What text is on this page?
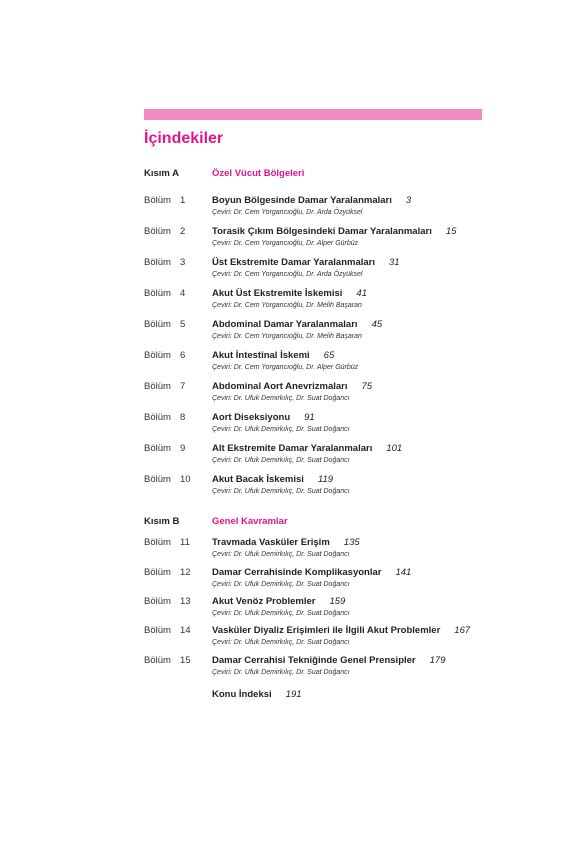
İçindekiler
Kısım A	Özel Vücut Bölgeleri
Bölüm 1	Boyun Bölgesinde Damar Yaralanmaları 3
Çeviri: Dr. Cem Yorgancıoğlu, Dr. Arda Özyüksel
Bölüm 2	Torasik Çıkım Bölgesindeki Damar Yaralanmaları 15
Çeviri: Dr. Cem Yorgancıoğlu, Dr. Alper Gürbüz
Bölüm 3	Üst Ekstremite Damar Yaralanmaları 31
Çeviri: Dr. Cem Yorgancıoğlu, Dr. Arda Özyüksel
Bölüm 4	Akut Üst Ekstremite İskemisi 41
Çeviri: Dr. Cem Yorgancıoğlu, Dr. Melih Başaran
Bölüm 5	Abdominal Damar Yaralanmaları 45
Çeviri: Dr. Cem Yorgancıoğlu, Dr. Melih Başaran
Bölüm 6	Akut İntestinal İskemi 65
Çeviri: Dr. Cem Yorgancıoğlu, Dr. Alper Gürbüz
Bölüm 7	Abdominal Aort Anevrizmaları 75
Çeviri: Dr. Ufuk Demirkılıç, Dr. Suat Doğancı
Bölüm 8	Aort Diseksiyonu 91
Çeviri: Dr. Ufuk Demirkılıç, Dr. Suat Doğancı
Bölüm 9	Alt Ekstremite Damar Yaralanmaları 101
Çeviri: Dr. Ufuk Demirkılıç, Dr. Suat Doğancı
Bölüm 10 Akut Bacak İskemisi 119
Çeviri: Dr. Ufuk Demirkılıç, Dr. Suat Doğancı
Kısım B	Genel Kavramlar
Bölüm 11 Travmada Vasküler Erişim 135
Çeviri: Dr. Ufuk Demirkılıç, Dr. Suat Doğancı
Bölüm 12 Damar Cerrahisinde Komplikasyonlar 141
Çeviri: Dr. Ufuk Demirkılıç, Dr. Suat Doğancı
Bölüm 13 Akut Venöz Problemler 159
Çeviri: Dr. Ufuk Demirkılıç, Dr. Suat Doğancı
Bölüm 14 Vasküler Diyaliz Erişimleri ile İlgili Akut Problemler 167
Çeviri: Dr. Ufuk Demirkılıç, Dr. Suat Doğancı
Bölüm 15 Damar Cerrahisi Tekniğinde Genel Prensipler 179
Çeviri: Dr. Ufuk Demirkılıç, Dr. Suat Doğancı
Konu İndeksi 191
